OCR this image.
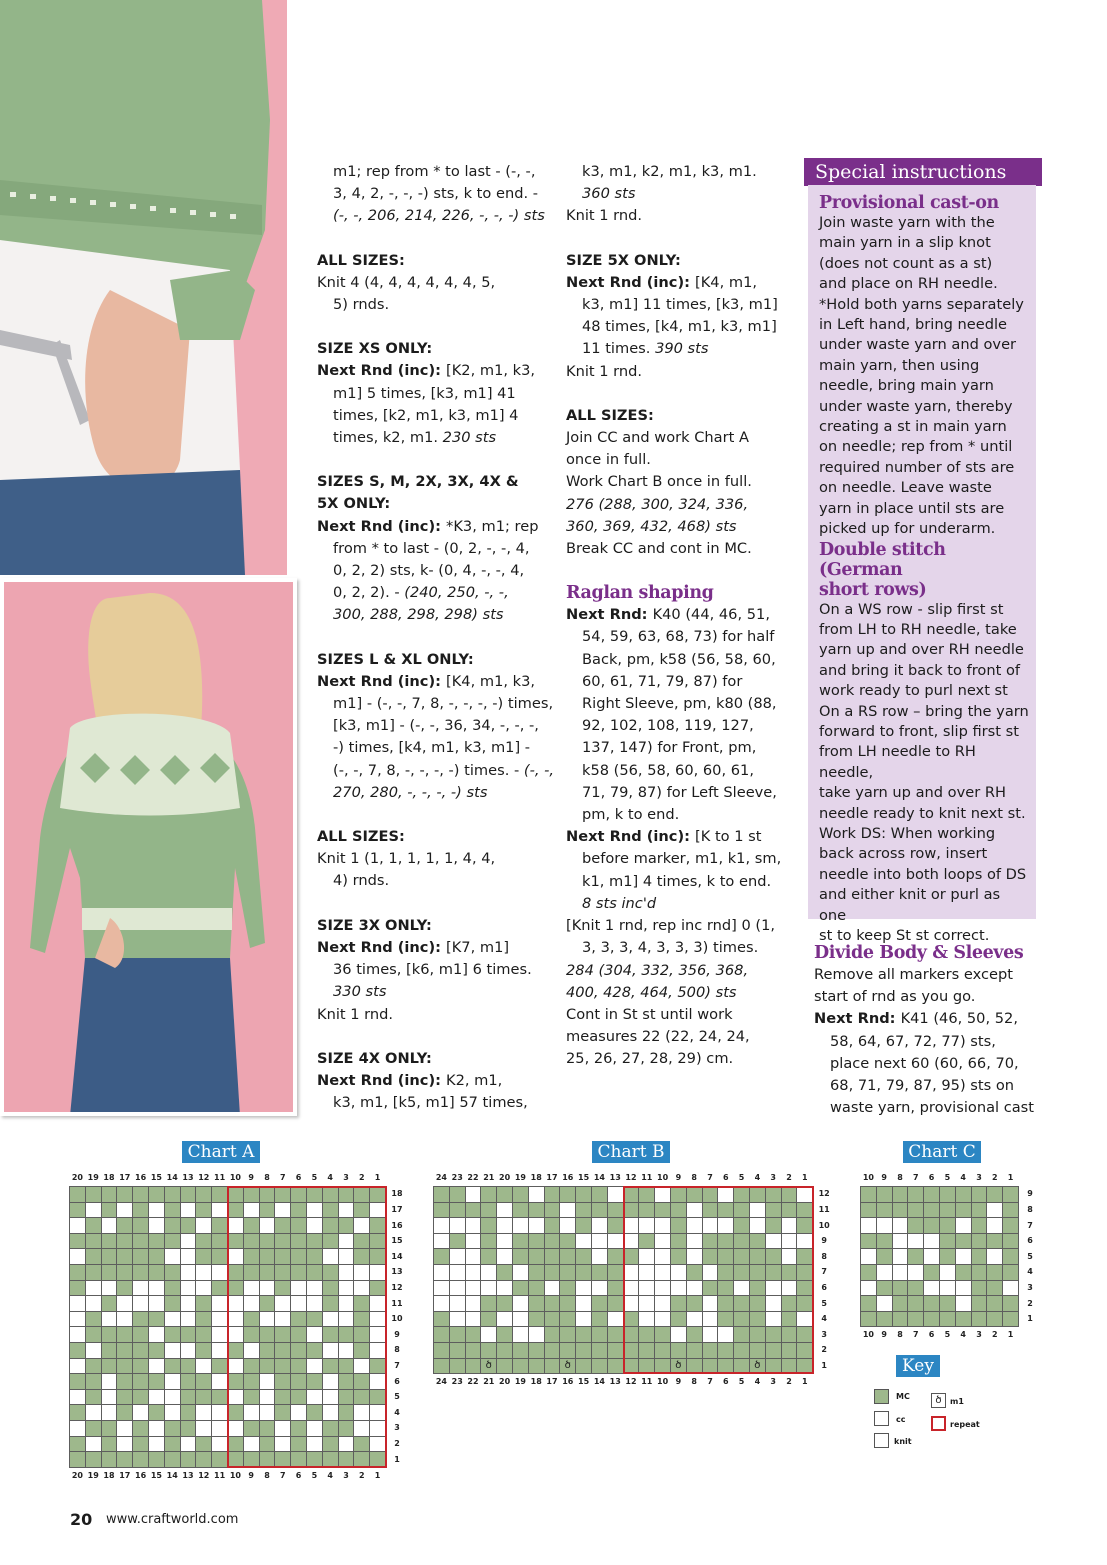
m1; rep from * to last - (-, -,

3, 4, 2, -, -, -) sts, k to end. -

(-, -, 206, 214, 226, -, -, -) sts

ALL SIZES:

Knit 4 (4, 4, 4, 4, 4, 4, 5,

5) rnds.

SIZE XS ONLY:

Next Rnd (inc): [K2, m1, k3,

m1] 5 times, [k3, m1] 41

times, [k2, m1, k3, m1] 4

times, k2, m1. 230 sts

SIZES S, M, 2X, 3X, 4X &

5X ONLY:

Next Rnd (inc): *K3, m1; rep

from * to last - (0, 2, -, -, 4,

0, 2, 2) sts, k- (0, 4, -, -, 4,

0, 2, 2). - (240, 250, -, -,

300, 288, 298, 298) sts

SIZES L & XL ONLY:

Next Rnd (inc): [K4, m1, k3,

m1] - (-, -, 7, 8, -, -, -, -) times,

[k3, m1] - (-, -, 36, 34, -, -, -,

-) times, [k4, m1, k3, m1] -

(-, -, 7, 8, -, -, -, -) times. - (-, -,

270, 280, -, -, -, -) sts

ALL SIZES:

Knit 1 (1, 1, 1, 1, 1, 4, 4,

4) rnds.

SIZE 3X ONLY:

Next Rnd (inc): [K7, m1]

36 times, [k6, m1] 6 times.

330 sts

Knit 1 rnd.

SIZE 4X ONLY:

Next Rnd (inc): K2, m1,

k3, m1, [k5, m1] 57 times,

k3, m1, k2, m1, k3, m1.

360 sts

Knit 1 rnd.

SIZE 5X ONLY:

Next Rnd (inc): [K4, m1,

k3, m1] 11 times, [k3, m1]

48 times, [k4, m1, k3, m1]

11 times. 390 sts

Knit 1 rnd.

ALL SIZES:

Join CC and work Chart A

once in full.

Work Chart B once in full.

276 (288, 300, 324, 336,

360, 369, 432, 468) sts

Break CC and cont in MC.

Raglan shaping

Next Rnd: K40 (44, 46, 51,

54, 59, 63, 68, 73) for half

Back, pm, k58 (56, 58, 60,

60, 61, 71, 79, 87) for

Right Sleeve, pm, k80 (88,

92, 102, 108, 119, 127,

137, 147) for Front, pm,

k58 (56, 58, 60, 60, 61,

71, 79, 87) for Left Sleeve,

pm, k to end.

Next Rnd (inc): [K to 1 st

before marker, m1, k1, sm,

k1, m1] 4 times, k to end.

8 sts inc'd

[Knit 1 rnd, rep inc rnd] 0 (1,

3, 3, 3, 4, 3, 3, 3) times.

284 (304, 332, 356, 368,

400, 428, 464, 500) sts

Cont in St st until work

measures 22 (22, 24, 24,

25, 26, 27, 28, 29) cm.

Special instructions

Provisional cast-on

Join waste yarn with the

main yarn in a slip knot

(does not count as a st)

and place on RH needle.

*Hold both yarns separately

in Left hand, bring needle

under waste yarn and over

main yarn, then using

needle, bring main yarn

under waste yarn, thereby

creating a st in main yarn

on needle; rep from * until

required number of sts are

on needle. Leave waste

yarn in place until sts are

picked up for underarm.

Double stitch (German

short rows)

On a WS row - slip first st

from LH to RH needle, take

yarn up and over RH needle

and bring it back to front of

work ready to purl next st

On a RS row – bring the yarn

forward to front, slip first st

from LH needle to RH needle,

take yarn up and over RH

needle ready to knit next st.

Work DS: When working

back across row, insert

needle into both loops of DS

and either knit or purl as one

st to keep St st correct.

Divide Body & Sleeves

Remove all markers except

start of rnd as you go.

Next Rnd: K41 (46, 50, 52,

58, 64, 67, 72, 77) sts,

place next 60 (60, 66, 70,

68, 71, 79, 87, 95) sts on

waste yarn, provisional cast

Chart A	Chart B	Chart C
20 19 18 17 16 15 14 13 12 11 10 9	8	7	6	5	4	3	2	1
20 19 18 17 16 15 14 13 12 11 10 9	8	7	6	5	4	3	2	1
18
17
16
15
14
13
12
11
10
9
8
7
6
5
4
3
2
1
24 23 22 21 20 19 18 17 16 15 14 13 12 11 10 9	8	7	6	5	4	3	2	1
24 23 22 21 20 19 18 17 16 15 14 13 12 11 10 9	8	7	6	5	4	3	2	1
12
11
10
9
8
7
6
5
4
3
2
1
ծ	ծ	ծ	ծ
10 9	8	7	6	5	4	3	2	1
10 9	8	7	6	5	4	3	2	1
9
8
7
6
5
4
3
2
1
Key
MC
cc
knit
ծ m1
repeat
20 www.craftworld.com
